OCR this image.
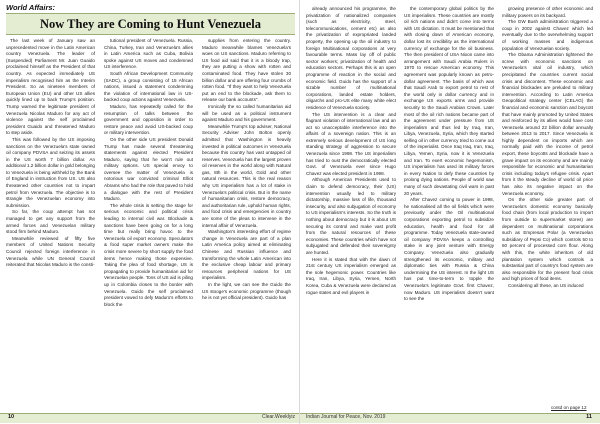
World Affairs:
Now They are Coming to Hunt Venezuela

The last week of January saw an unprecedented move in the Latin American country Venezuela. The leader of (Suspended) Parliament Mr. Juan Guaido proclaimed himself as the President of that country. As expected immediately US imperialism recognised him as the Interim President. So as nineteen members of European Union (EU) and other US allies quickly lined up to back Trump's position. Trump warned the legitimate president of Venezuela Nicolas Maduro for any act of violence against the self proclaimed president Guaido and threatened Maduro to step aside.

This was followed by the US imposing sanctions on the Venezuela's state owned oil company PDVSA and seizing its assets in the US worth 7 billion dollar. An additional 1.2 billion dollar in gold belonging to Venezuela is being withheld by the Bank of England in instruction from US. US also threatened other countries not to impart petrol from Venezuela. The objective is to strangle the Venezuelan economy into submission.

So far, the coup attempt has not managed to get any support from the armed forces and Venezuelan military stood firm behind Maduro.

Meanwhile reviewed of fifty five members of United Nations Security Council rejected foreign interference in Venezuela while UN General Council reiterated that Nicolas Maduro is the consti-

tutional president of Venezuela. Russia, China, Turkey, Iran and Venezuela's allies in Latin America such as Cuba, Bolivia spoke against US moves and condemned US interference.

South African Development Community (SADC), a group consisting of 15 African nations, issued a statement condemning the violation of international law in US-backed coup actions against Venezuela.

Maduro, has repeatedly called for the resumption of talks between the government and opposition in order to restore peace and avoid US-backed coup or military intervention.

On the other side US president Donald Trump has made several threatening statements against elected President Maduro, saying that he won't rule out military options. US special envoy to oversee the matter of Venezuela is notorious war convicted criminal Elliot Abrams who had the role that paved to hold a dialogue with the rest of President Maduro.

The whole crisis is setting the stage for serious economic and political crisis leading to internal civil war. Blockade & sanctions have been going on for a long time but really bring havoc to the Venezuela oil export economy. Speculators & food super market owners make the crisis more severe by short supply the food items hence making those expensive. Taking the plea of food shortage, US is propagating to provide humanitarian aid for Venezuelan people. Tons of US aid is piling up in Colombia closes to the border with Venezuela. Guido the self proclaimed president vowed to defy Maduro's efforts to block the

supplies from entering the country. Maduro meanwhile blames Venezuela's woes on US sanctions. Maduro referring to US food aid said that it is a bloody trap, they are putting a show with rotten and contaminated food. They have stolen 30 billion dollar and are offering four crumbs of rotten food. "If they want to help Venezuela put an end to the blockade, ask them to release our bank accounts".

Ironically the so called humanitarian aid will be used as a political instrument against Maduro and his government.

Meanwhile Trump's top adviser, National Security Adviser John Bolton openly admitted that Washington is heavily invested in political outcomes in Venezuela because this country has vast untapped oil reserves. Venezuela has the largest proven oil reserves in the world along with Natural gas, 8th in the world, Gold and other natural resources. This is the real reason why US imperialism has a lot of stake in Venezuela's political crisis. But in the name of humanitarian crisis, restore democracy, and authoritarian rule, uphold human rights, and food crisis and emergencies in country are some of the pleas to intervene in the internal affair of Venezuela.

Washington's interesting effort of regime change in Venezuela are part of a plan Latin America policy aimed at eliminating Chinese and Russian influence and transforming the whole Latin American into the exclusive cheap labour and primary resources peripheral nations for US imperialism.

In the light, we can see the Guido the US stooge's economic programme (though he is not yet official president). Guido has

10	Clear.Weeklyiz

already announced his programme, the privatization of nationalized companies (such as electricity, steel, telecommunications, cement etc) as also the privatization of expropriated landed property, the opening up the oil industry to foreign Multinational corporations at very favourable terms. Mass lay off of public sector workers; privatization of health and education sectors. Perhaps this is an open programme of reaction in the social and economic field. Guido has the support of a sizable number of multinational corporations, landed estate holders, oligarchs and pro-US elite many white elect residence of Venezuela society.

The US intervention is a clear and flagrant violation of international law and an act so unacceptable interference into the affairs of a sovereign nation. This is an extremely serious development of US long standing strategy of aggression to secure Venezuela since 1998. The US imperialism has tried to oust the democratically elected Govt. of Venezuela ever since Hugo Chavez was elected president in 1998.

Although American Presidents used to claim to defend democracy, their (US) intervention usually led to military dictatorship, massive loss of life, thousand insecurity, and also subjugation of economy to US imperialism's interests. So the truth is nothing about democracy but it is about US securing its control and make vast profit from the natural resources of these economies. These countries which have not subjugated and defended their sovereignty are hunted.

Here it is stated that with the dawn of 21st century US imperialism emerged as the sole hegemonic power. Countries like Iraq, Iran, Libya, Syria, Yemen, North Korea, Cuba & Venezuela were declared as rogue states and evil players in

the contemporary global politics by the US imperialism. These countries are mostly oil rich nations and didn't come into terms with US dictation. It must be mentioned that with closing down of American economy, dollar lost its credibility as the international currency of exchange for the oil business. The then president of USA Nixon came into arrangement with Saudi Arabia Rulers in 1970 to rescue American economy. This agreement was popularly known as petro-dollar agreement. The basis of which was that Saudi Arab to export petrol to rest of the world only in dollar currency and in exchange US exports arms and provide security to the Saudi Arabian Crown. Later most of the oil rich nations became part of the agreement under pressure from US imperialism and thus led by Iraq, Iran, Libya, Venezuela, Syria, which they started selling oil in other currency tried to come out of the imperialist. Once Iraq Iraq, Iran, Iraq, Libya, Yemen, Syria, now it is Venezuela and Iran. To exert economic hegemonism, US imperialism has used its military forces in every Nation to defy these countries by prolong dying nations. People of world saw many of such devastating civil wars in past 20 years.

After Chavez coming to power in 1998, he nationalised all the oil fields which were previously under the Oil multinational corporations exporting petrol to subsidize education, health and food for all programme. Today Venezuela state-owned oil company PDVSA keeps a controlling stake in any joint venture with Energy Company. Venezuela also gradually strengthened its economic, military and diplomatic ties with Russia & China undermining the US interest. In the light US has put time-to-term to topple the Venezuela's legitimate Govt. first Chavez, now Maduro. US imperialism doesn't want to see the

growing presence of other economic and military powers on its backyard.

The GW Bush administration triggered a coup in 2002 against Chavez which led eventually due to the overwhelming support of working masses and indigenous population of Venezuelan society.

The Obama Administration tightened the screw with economic sanctions on Venezuela's vital oil industry, which precipitated the countries current social crisis and discontent. These economic and financial blockades are preluded to military intervention. According to Latin America Geopolitical strategy center (CELAG) the financial and economic sanction and boycott that have mainly promoted by United States and reinforced by its allies would have cost Venezuela around 22 billion dollar annually between 2013 to 2017. Since Venezuela is highly dependent on imports which are normally paid with the income of petrol export, these boycotts and blockade have a grave impact on its economy and are mainly responsible for economic and humanitarian crisis including today's refugee crisis. Apart from it the steady decline of world oil price has also its negative impact on the Venezuela economy.

On the other side greater part of Venezuela's domestic economy basically food chain (from local production to import from outside to supermarket stores) are dependent on multinational corporations such as Empresas Polar (a Venezuelan subsidiary of Pepsi Co) which controls 50 to 60 percent of processed corn flour. Along with this, the white inheritors of old plantation system which controls a substantial part of country's food system are also responsible for the present food crisis and high prices of food items.

Considering all these, an US induced

contd on page 12
Indian Journal for Peace, Nov. 2019	11
